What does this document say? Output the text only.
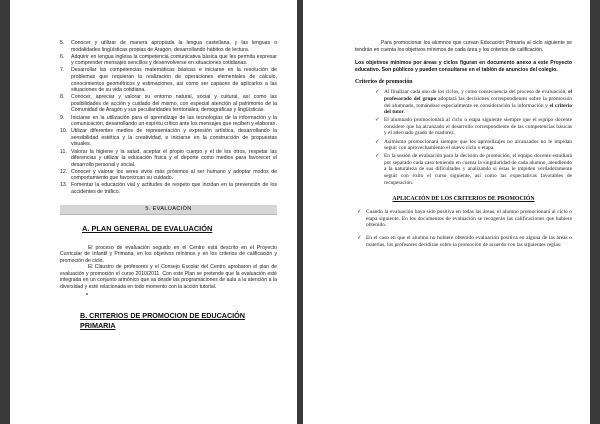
5. Conocer y utilizar de manera apropiada la lengua castellana, y las lenguas o modalidades lingüísticas propias de Aragón, desarrollando hábitos de lectura.
6. Adquirir en lengua inglesa la competencia comunicativa básica que les permita expresar y comprender mensajes sencillos y desenvolverse en situaciones cotidianas.
7. Desarrollar las competencias matemáticas básicas e iniciarse en la resolución de problemas que requieran la realización de operaciones elementales de cálculo, conocimientos geométricos y estimaciones, así como ser capaces de aplicarlos a las situaciones de su vida cotidiana.
8. Conocer, apreciar y valorar su entorno natural, social y cultural, así como las posibilidades de acción y cuidado del mismo, con especial atención al patrimonio de la Comunidad de Aragón y sus peculiaridades territoriales, demográficas y lingüísticas.
9. Iniciarse en la utilización para el aprendizaje de las tecnologías de la información y la comunicación, desarrollando un espíritu crítico ante los mensajes que reciben y elaboran.
10. Utilizar diferentes medios de representación y expresión artística, desarrollando la sensibilidad estética y la creatividad, e iniciarse en la construcción de propuestas visuales.
11. Valorar la higiene y la salud, aceptar el propio cuerpo y el de los otros, respetar las diferencias y utilizar la educación física y el deporte como medios para favorecer el desarrollo personal y social.
12. Conocer y valorar los seres vivos más próximos al ser humano y adoptar modos de comportamiento que favorezcan su cuidado.
13. Fomentar la educación vial y actitudes de respeto que incidan en la prevención de los accidentes de tráfico.
5. EVALUACIÓN
A. PLAN GENERAL DE EVALUACIÓN

El proceso de evaluación seguido en el Centro está descrito en el Proyecto Curricular de Infantil y Primaria, en los objetivos mínimos y en los criterios de calificación y promoción de ciclo.

El Claustro de profesores y el Consejo Escolar del Centro aprobaron el plan de evaluación y promoción el curso 2010/2011. Con este Plan se pretende que la evaluación esté integrada en un conjunto armónico que va desde las programaciones de aula a la atención a la diversidad y esté relacionada en todo momento con la acción tutorial.

B. CRITERIOS DE PROMOCION DE EDUCACIÓN
PRIMARIA

Para promocionar los alumnos que cursan Educación Primaria al ciclo siguiente se tendrán en cuenta los objetivos mínimos de cada área y los criterios de calificación.

Los objetivos mínimos por áreas y ciclos figuran en documento anexo a este Proyecto educativo. Son públicos y pueden consultarse en el tablón de anuncios del colegio.

Criterios de promoción
✓ Al finalizar cada uno de los ciclos, y como consecuencia del proceso de evaluación, el profesorado del grupo adoptará las decisiones correspondientes sobre la promoción del alumnado, tomándose especialmente en consideración la información y el criterio del tutor.
✓ El alumnado promocionará al ciclo o etapa siguiente siempre que el equipo docente considere que ha alcanzado el desarrollo correspondiente de las competencias básicas y el adecuado grado de madurez.
✓ Asimismo promocionará siempre que los aprendizajes no alcanzados no le impidan seguir con aprovechamiento el nuevo ciclo o etapa.
✓ En la sesión de evaluación para la decisión de promoción, el equipo docente estudiará por separado cada caso teniendo en cuenta la singularidad de cada alumno, atendiendo a la naturaleza de sus dificultades y analizando si éstas le impiden verdaderamente seguir con éxito el curso siguiente, así como las expectativas favorables de recuperación.
APLICACIÓN DE LOS CRITERIOS DE PROMOCIÓN
✓ Cuando la evaluación haya sido positiva en todas las áreas, el alumno promocionará al ciclo o etapa siguiente. En los documentos de evaluación se recogerán las calificaciones que hubiere obtenido.
✓ En el caso en que el alumno no hubiere obtenido evaluación positiva en alguna de las áreas o materias, los profesores decidirán sobre la promoción de acuerdo con las siguientes reglas:
